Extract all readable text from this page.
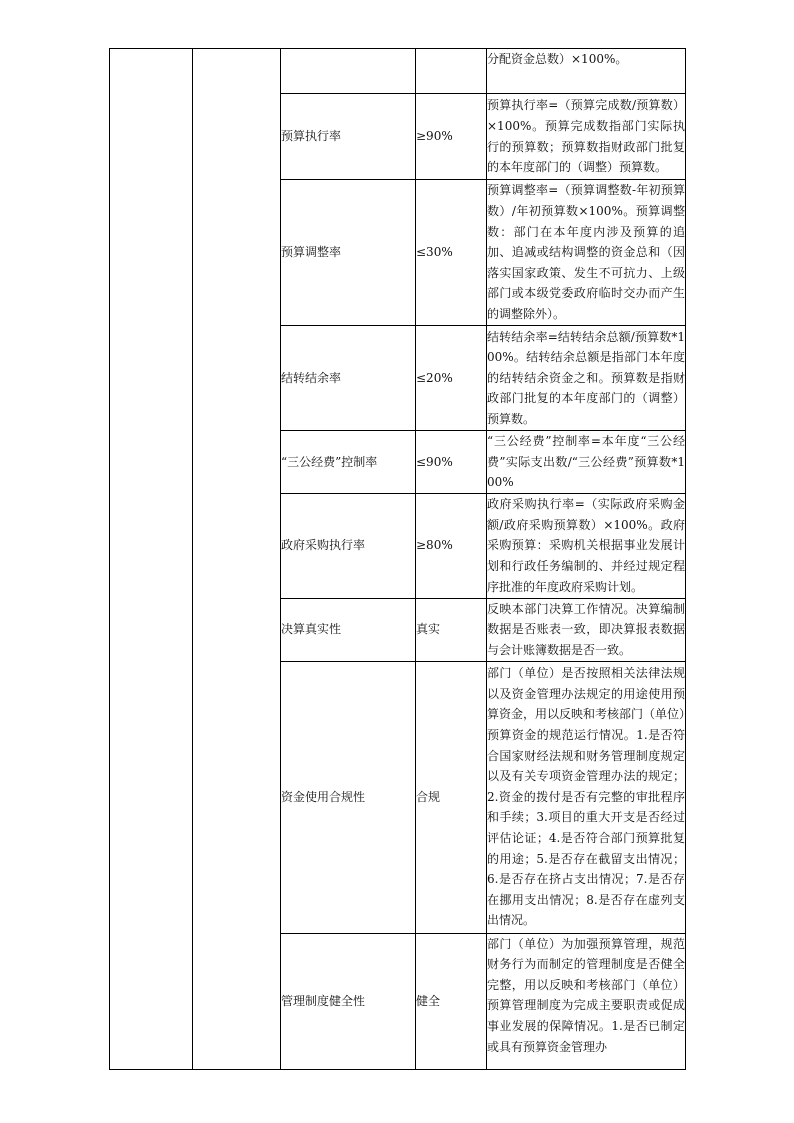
				分配资金总数）×100%。

		预算执行率	≥90%	预算执行率=（预算完成数/预算数）×100%。预算完成数指部门实际执行的预算数；预算数指财政部门批复的本年度部门的（调整）预算数。

		预算调整率	≤30%	预算调整率=（预算调整数-年初预算数）/年初预算数×100%。预算调整数：部门在本年度内涉及预算的追加、追减或结构调整的资金总和（因落实国家政策、发生不可抗力、上级部门或本级党委政府临时交办而产生的调整除外）。

		结转结余率	≤20%	结转结余率=结转结余总额/预算数*100%。结转结余总额是指部门本年度的结转结余资金之和。预算数是指财政部门批复的本年度部门的（调整）预算数。

		“三公经费”控制率	≤90%	“三公经费”控制率=本年度“三公经费”实际支出数/“三公经费”预算数*100%

		政府采购执行率	≥80%	政府采购执行率=（实际政府采购金额/政府采购预算数）×100%。政府采购预算：采购机关根据事业发展计划和行政任务编制的、并经过规定程序批准的年度政府采购计划。

		决算真实性	真实	反映本部门决算工作情况。决算编制数据是否账表一致，即决算报表数据与会计账簿数据是否一致。

		资金使用合规性	合规	部门（单位）是否按照相关法律法规以及资金管理办法规定的用途使用预算资金，用以反映和考核部门（单位）预算资金的规范运行情况。1.是否符合国家财经法规和财务管理制度规定以及有关专项资金管理办法的规定；2.资金的拨付是否有完整的审批程序和手续；3.项目的重大开支是否经过评估论证；4.是否符合部门预算批复的用途；5.是否存在截留支出情况；6.是否存在挤占支出情况；7.是否存在挪用支出情况；8.是否存在虚列支出情况。

		管理制度健全性	健全	部门（单位）为加强预算管理，规范财务行为而制定的管理制度是否健全完整，用以反映和考核部门（单位）预算管理制度为完成主要职责或促成事业发展的保障情况。1.是否已制定或具有预算资金管理办
